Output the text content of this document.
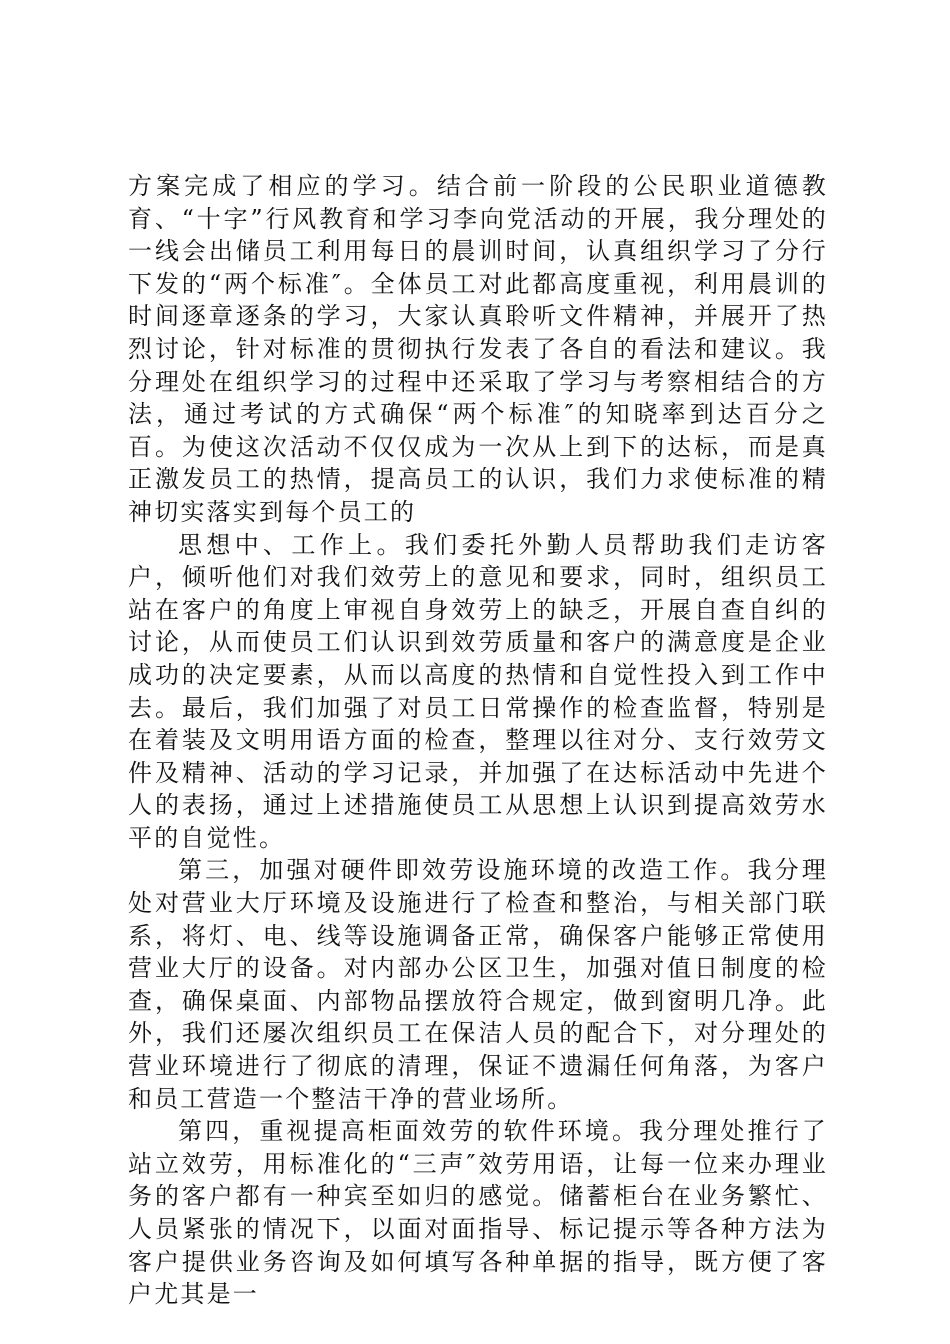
方案完成了相应的学习。结合前一阶段的公民职业道德教育、“十字”行风教育和学习李向党活动的开展，我分理处的一线会出储员工利用每日的晨训时间，认真组织学习了分行下发的“两个标准″。全体员工对此都高度重视，利用晨训的时间逐章逐条的学习，大家认真聆听文件精神，并展开了热烈讨论，针对标准的贯彻执行发表了各自的看法和建议。我分理处在组织学习的过程中还采取了学习与考察相结合的方法，通过考试的方式确保“两个标准″的知晓率到达百分之百。为使这次活动不仅仅成为一次从上到下的达标，而是真正激发员工的热情，提高员工的认识，我们力求使标准的精神切实落实到每个员工的

思想中、工作上。我们委托外勤人员帮助我们走访客户，倾听他们对我们效劳上的意见和要求，同时，组织员工站在客户的角度上审视自身效劳上的缺乏，开展自查自纠的讨论，从而使员工们认识到效劳质量和客户的满意度是企业成功的决定要素，从而以高度的热情和自觉性投入到工作中去。最后，我们加强了对员工日常操作的检查监督，特别是在着装及文明用语方面的检查，整理以往对分、支行效劳文件及精神、活动的学习记录，并加强了在达标活动中先进个人的表扬，通过上述措施使员工从思想上认识到提高效劳水平的自觉性。

第三，加强对硬件即效劳设施环境的改造工作。我分理处对营业大厅环境及设施进行了检查和整治，与相关部门联系，将灯、电、线等设施调备正常，确保客户能够正常使用营业大厅的设备。对内部办公区卫生，加强对值日制度的检查，确保桌面、内部物品摆放符合规定，做到窗明几净。此外，我们还屡次组织员工在保洁人员的配合下，对分理处的营业环境进行了彻底的清理，保证不遗漏任何角落，为客户和员工营造一个整洁干净的营业场所。

第四，重视提高柜面效劳的软件环境。我分理处推行了站立效劳，用标准化的“三声″效劳用语，让每一位来办理业务的客户都有一种宾至如归的感觉。储蓄柜台在业务繁忙、人员紧张的情况下，以面对面指导、标记提示等各种方法为客户提供业务咨询及如何填写各种单据的指导，既方便了客户尤其是一
